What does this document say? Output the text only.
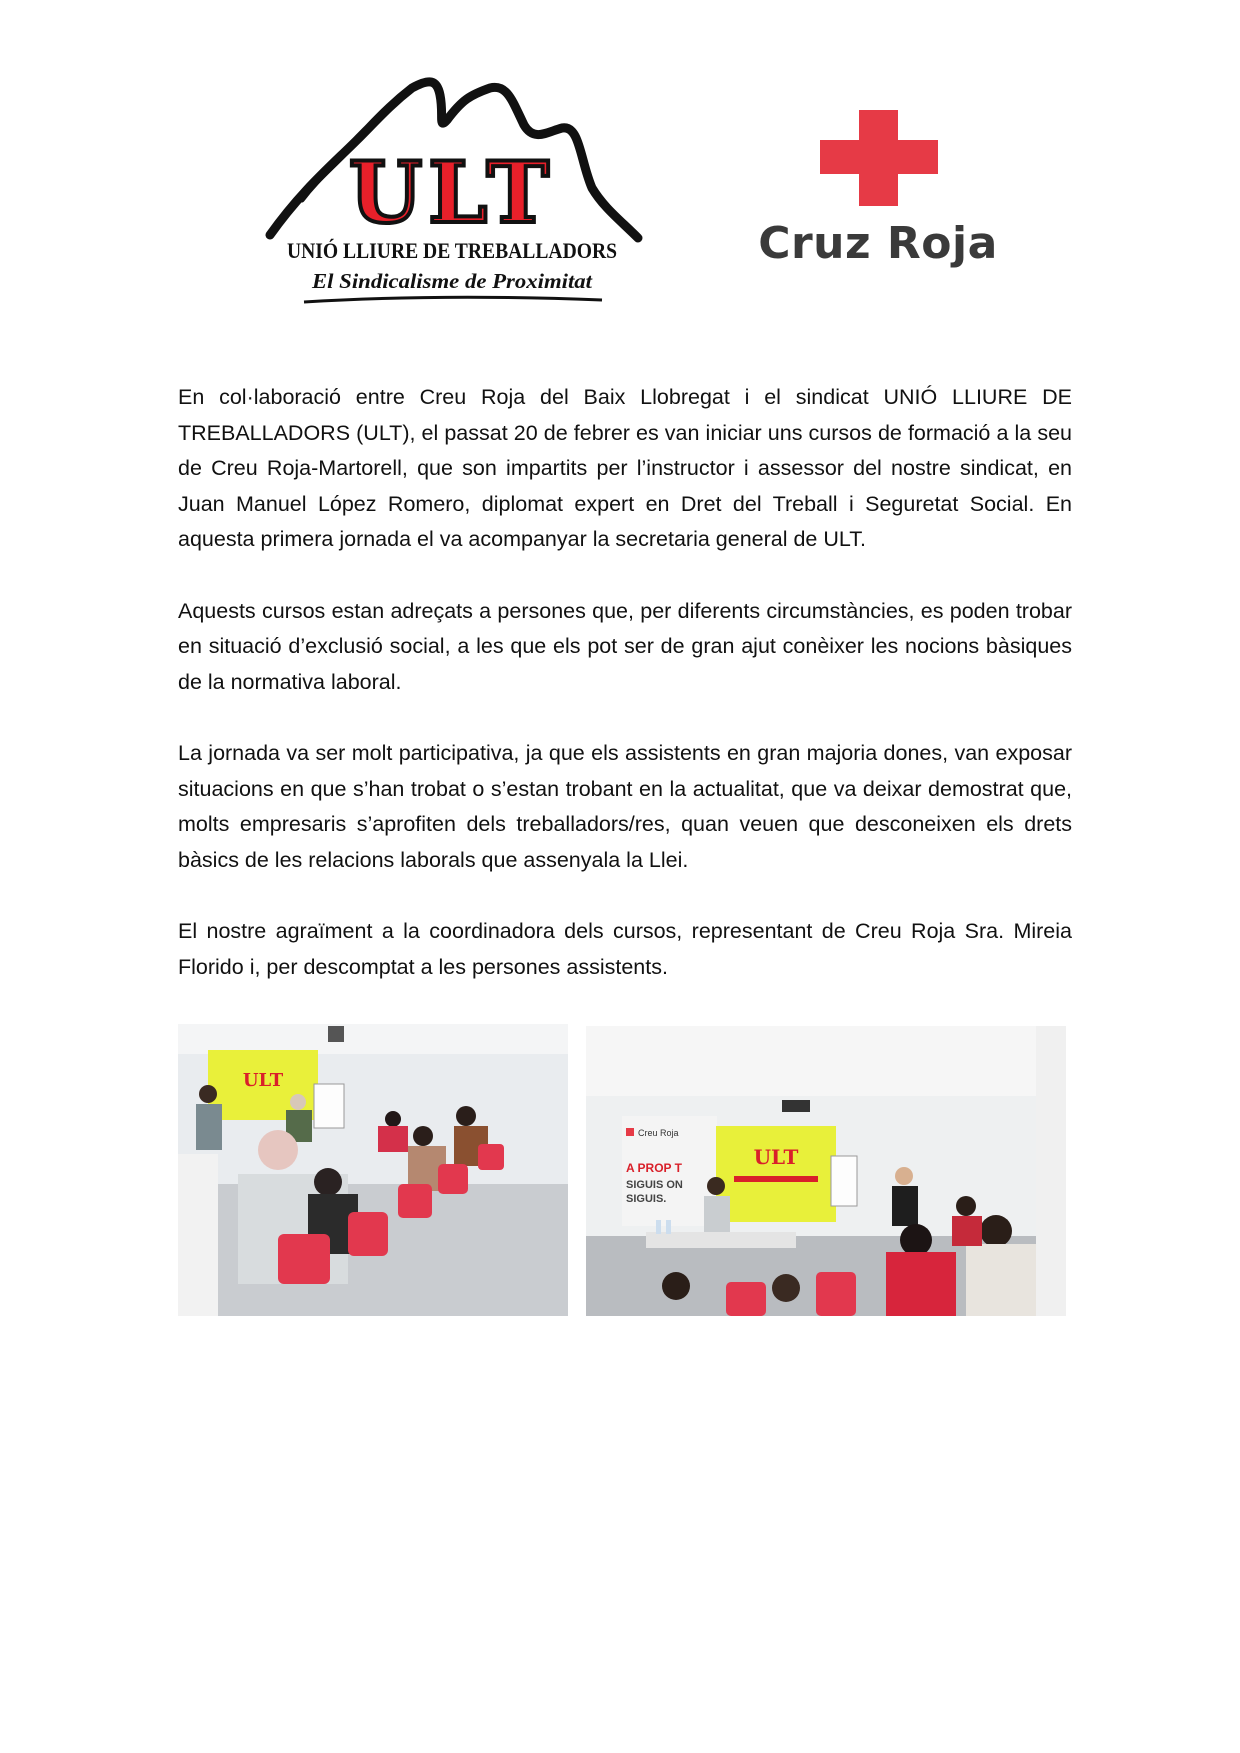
ULT
UNIÓ LLIURE DE TREBALLADORS
El Sindicalisme de Proximitat
Cruz Roja

En col·laboració entre Creu Roja del Baix Llobregat i el sindicat UNIÓ LLIURE DE TREBALLADORS (ULT), el passat 20 de febrer es van iniciar uns cursos de formació a la seu de Creu Roja-Martorell, que son impartits per l’instructor i assessor del nostre sindicat, en Juan Manuel López Romero, diplomat expert en Dret del Treball i Seguretat Social. En aquesta primera jornada el va acompanyar la secretaria general de ULT.

Aquests cursos estan adreçats a persones que, per diferents circumstàncies, es poden trobar en situació d’exclusió social, a les que els pot ser de gran ajut conèixer les nocions bàsiques de la normativa laboral.

La jornada va ser molt participativa, ja que els assistents en gran majoria dones, van exposar situacions en que s’han trobat o s’estan trobant en la actualitat, que va deixar demostrat que, molts empresaris s’aprofiten dels treballadors/res, quan veuen que desconeixen els drets bàsics de les relacions laborals que assenyala la Llei.

El nostre agraïment a la coordinadora dels cursos, representant de Creu Roja Sra. Mireia Florido i, per descomptat a les persones assistents.

ULT
Creu Roja
A PROP T
SIGUIS ON
SIGUIS.
ULT
